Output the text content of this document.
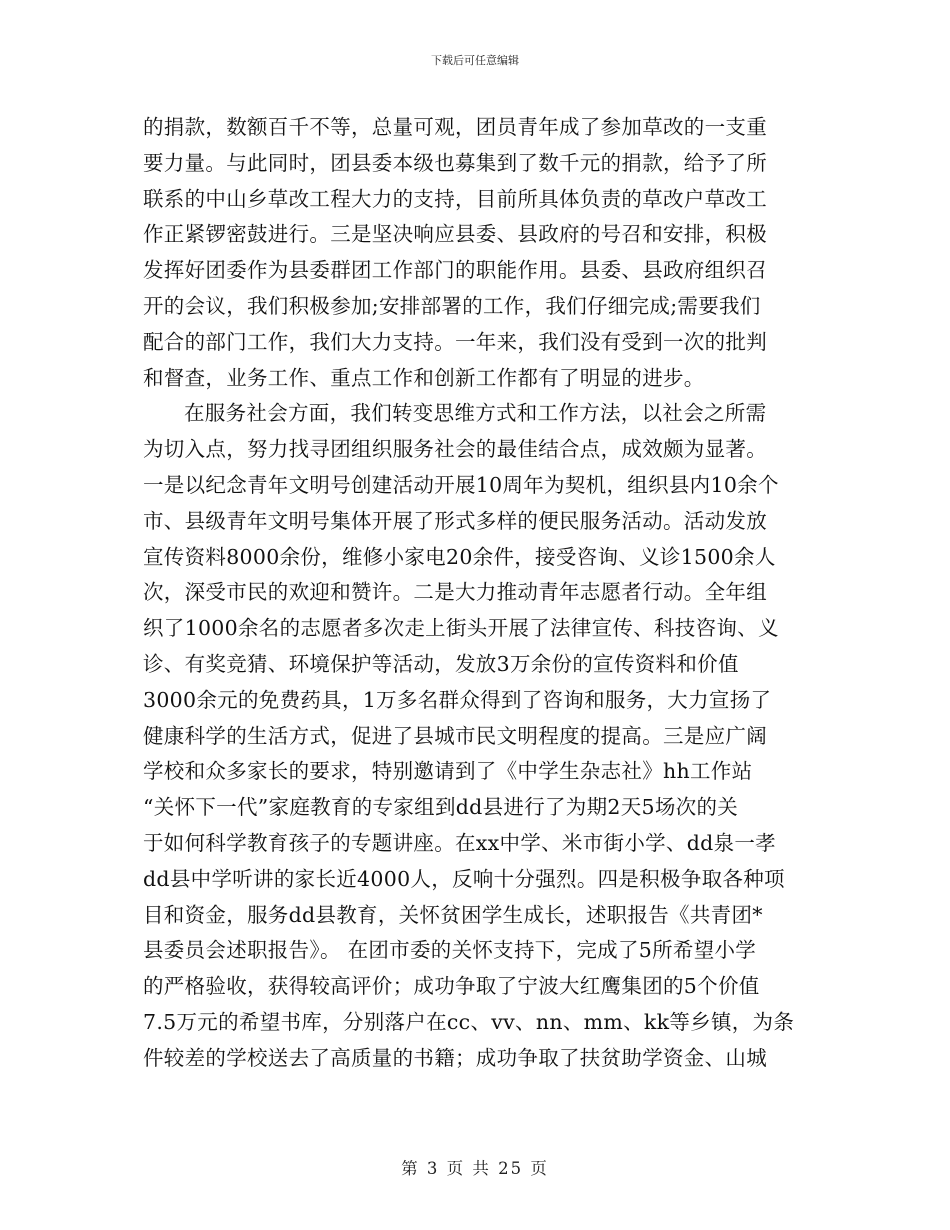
下载后可任意编辑
的捐款，数额百千不等，总量可观，团员青年成了参加草改的一支重
要力量。与此同时，团县委本级也募集到了数千元的捐款，给予了所
联系的中山乡草改工程大力的支持，目前所具体负责的草改户草改工
作正紧锣密鼓进行。三是坚决响应县委、县政府的号召和安排，积极
发挥好团委作为县委群团工作部门的职能作用。县委、县政府组织召
开的会议，我们积极参加;安排部署的工作，我们仔细完成;需要我们
配合的部门工作，我们大力支持。一年来，我们没有受到一次的批判
和督查，业务工作、重点工作和创新工作都有了明显的进步。
在服务社会方面，我们转变思维方式和工作方法，以社会之所需
为切入点，努力找寻团组织服务社会的最佳结合点，成效颇为显著。
一是以纪念青年文明号创建活动开展10周年为契机，组织县内10余个
市、县级青年文明号集体开展了形式多样的便民服务活动。活动发放
宣传资料8000余份，维修小家电20余件，接受咨询、义诊1500余人
次，深受市民的欢迎和赞许。二是大力推动青年志愿者行动。全年组
织了1000余名的志愿者多次走上街头开展了法律宣传、科技咨询、义
诊、有奖竞猜、环境保护等活动，发放3万余份的宣传资料和价值
3000余元的免费药具，1万多名群众得到了咨询和服务，大力宣扬了
健康科学的生活方式，促进了县城市民文明程度的提高。三是应广阔
学校和众多家长的要求，特别邀请到了《中学生杂志社》hh工作站
“关怀下一代”家庭教育的专家组到dd县进行了为期2天5场次的关
于如何科学教育孩子的专题讲座。在xx中学、米市街小学、dd泉一孝
dd县中学听讲的家长近4000人，反响十分强烈。四是积极争取各种项
目和资金，服务dd县教育，关怀贫困学生成长，述职报告《共青团*
县委员会述职报告》。 在团市委的关怀支持下，完成了5所希望小学
的严格验收，获得较高评价；成功争取了宁波大红鹰集团的5个价值
7.5万元的希望书库，分别落户在cc、vv、nn、mm、kk等乡镇，为条
件较差的学校送去了高质量的书籍；成功争取了扶贫助学资金、山城
第 3 页 共 25 页
